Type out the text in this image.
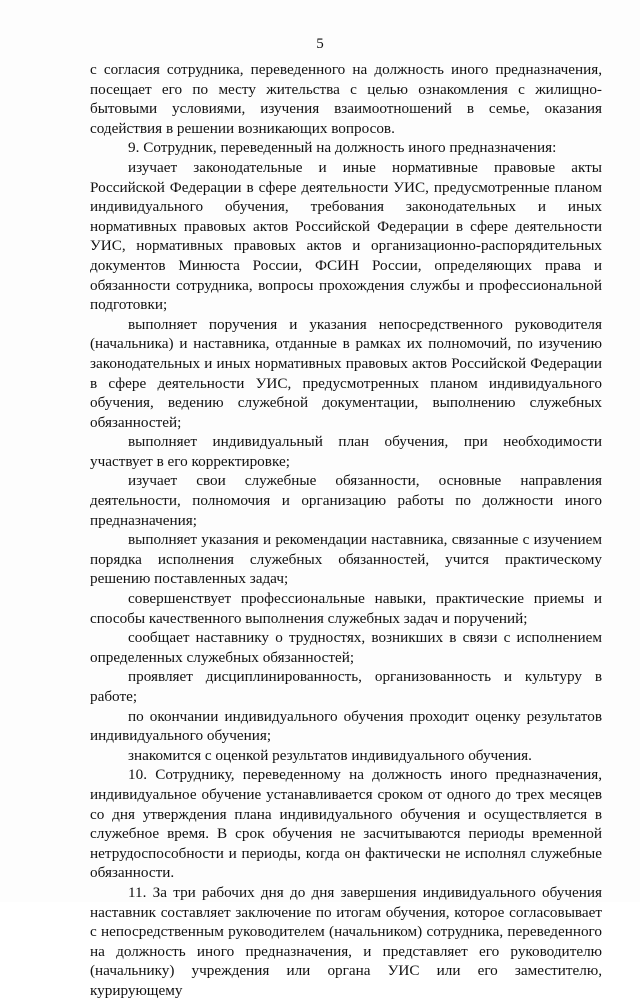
5

с согласия сотрудника, переведенного на должность иного предназначения, посещает его по месту жительства с целью ознакомления с жилищно-бытовыми условиями, изучения взаимоотношений в семье, оказания содействия в решении возникающих вопросов.

9. Сотрудник, переведенный на должность иного предназначения:

изучает законодательные и иные нормативные правовые акты Российской Федерации в сфере деятельности УИС, предусмотренные планом индивидуального обучения, требования законодательных и иных нормативных правовых актов Российской Федерации в сфере деятельности УИС, нормативных правовых актов и организационно-распорядительных документов Минюста России, ФСИН России, определяющих права и обязанности сотрудника, вопросы прохождения службы и профессиональной подготовки;

выполняет поручения и указания непосредственного руководителя (начальника) и наставника, отданные в рамках их полномочий, по изучению законодательных и иных нормативных правовых актов Российской Федерации в сфере деятельности УИС, предусмотренных планом индивидуального обучения, ведению служебной документации, выполнению служебных обязанностей;

выполняет индивидуальный план обучения, при необходимости участвует в его корректировке;

изучает свои служебные обязанности, основные направления деятельности, полномочия и организацию работы по должности иного предназначения;

выполняет указания и рекомендации наставника, связанные с изучением порядка исполнения служебных обязанностей, учится практическому решению поставленных задач;

совершенствует профессиональные навыки, практические приемы и способы качественного выполнения служебных задач и поручений;

сообщает наставнику о трудностях, возникших в связи с исполнением определенных служебных обязанностей;

проявляет дисциплинированность, организованность и культуру в работе;

по окончании индивидуального обучения проходит оценку результатов индивидуального обучения;

знакомится с оценкой результатов индивидуального обучения.

10. Сотруднику, переведенному на должность иного предназначения, индивидуальное обучение устанавливается сроком от одного до трех месяцев со дня утверждения плана индивидуального обучения и осуществляется в служебное время. В срок обучения не засчитываются периоды временной нетрудоспособности и периоды, когда он фактически не исполнял служебные обязанности.

11. За три рабочих дня до дня завершения индивидуального обучения наставник составляет заключение по итогам обучения, которое согласовывает с непосредственным руководителем (начальником) сотрудника, переведенного на должность иного предназначения, и представляет его руководителю (начальнику) учреждения или органа УИС или его заместителю, курирующему
